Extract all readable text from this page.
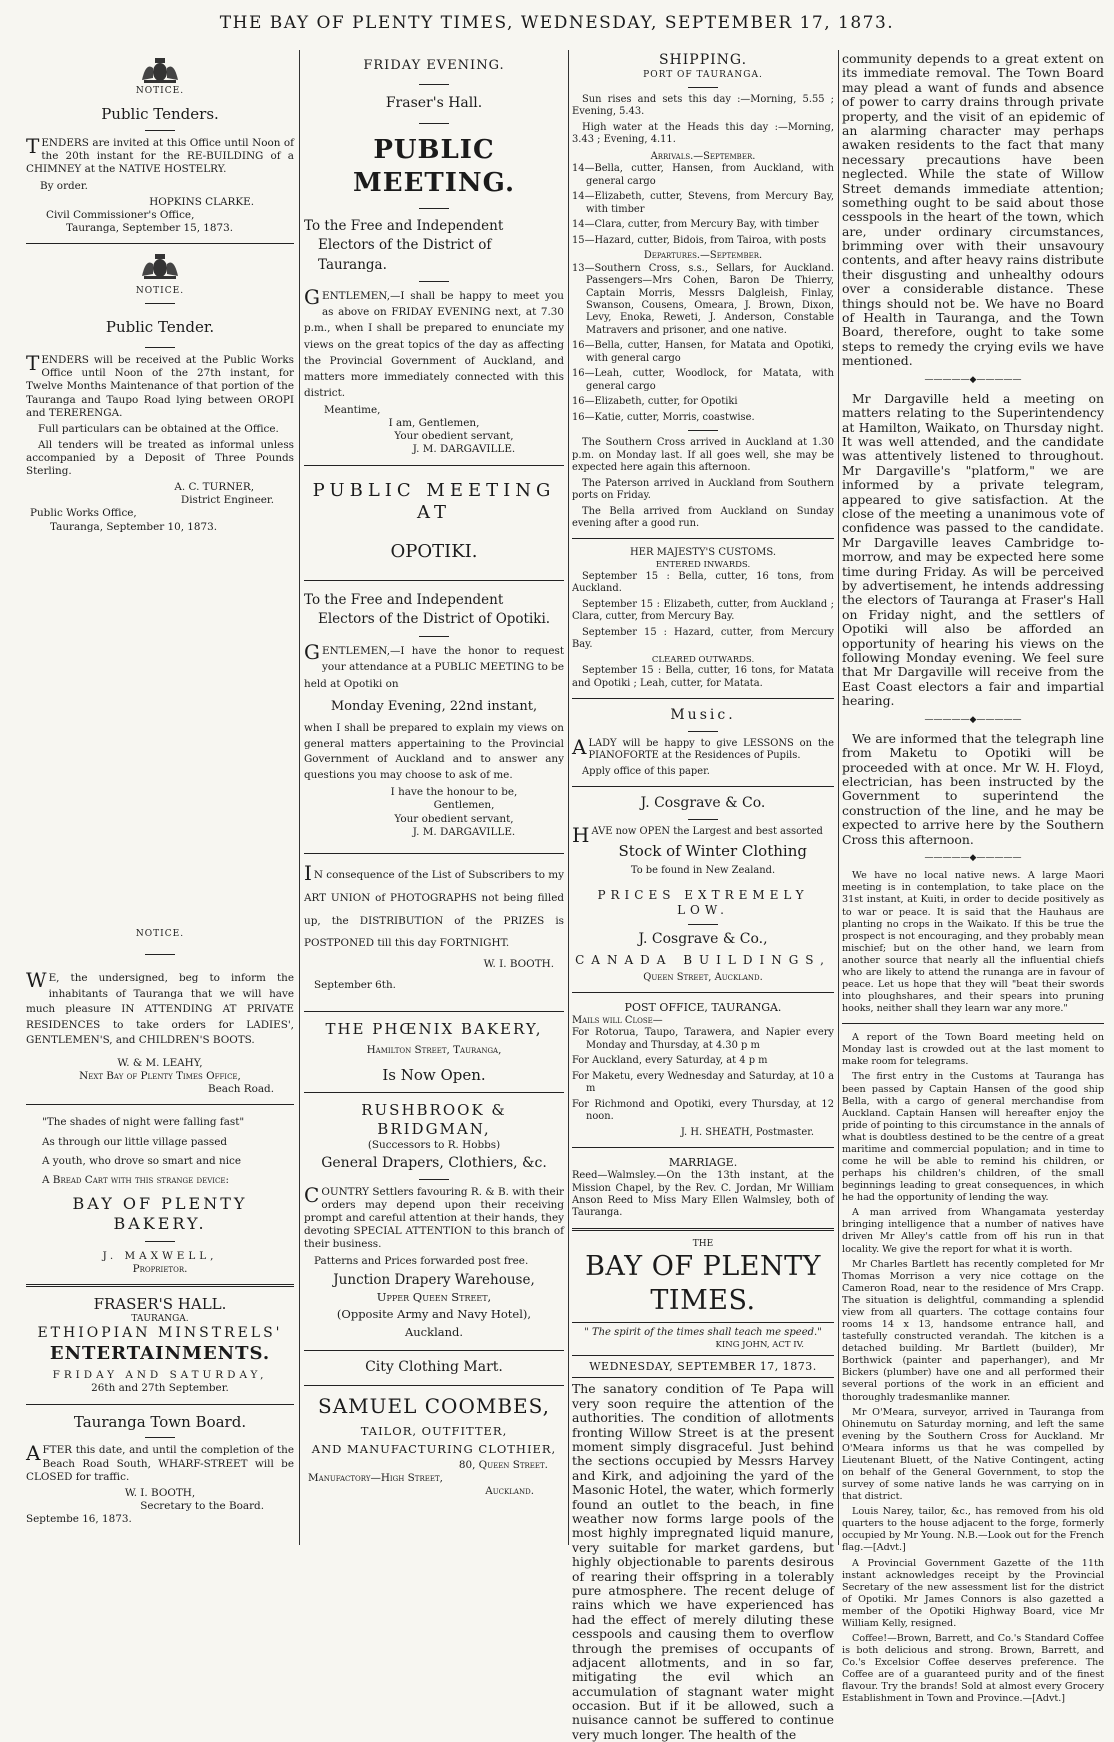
THE BAY OF PLENTY TIMES, WEDNESDAY, SEPTEMBER 17, 1873.
NOTICE.
Public Tenders.

TENDERS are invited at this Office until Noon of the 20th instant for the RE-BUILDING of a CHIMNEY at the NATIVE HOSTELRY.

By order.

HOPKINS CLARKE.
Civil Commissioner's Office,
Tauranga, September 15, 1873.
NOTICE.
Public Tender.

TENDERS will be received at the Public Works Office until Noon of the 27th instant, for Twelve Months Maintenance of that portion of the Tauranga and Taupo Road lying between OROPI and TERERENGA.

Full particulars can be obtained at the Office.

All tenders will be treated as informal unless accompanied by a Deposit of Three Pounds Sterling.

A. C. TURNER,
District Engineer.
Public Works Office,
Tauranga, September 10, 1873.
NOTICE.

WE, the undersigned, beg to inform the inhabitants of Tauranga that we will have much pleasure IN ATTENDING AT PRIVATE RESIDENCES to take orders for LADIES', GENTLEMEN'S, and CHILDREN'S BOOTS.

W. & M. LEAHY,
Next Bay of Plenty Times Office,
Beach Road.
"The shades of night were falling fast"
As through our little village passed
A youth, who drove so smart and nice
A Bread Cart with this strange device:
BAY OF PLENTY BAKERY.
J. MAXWELL,
Proprietor.
FRASER'S HALL.
TAURANGA.
ETHIOPIAN MINSTRELS'
ENTERTAINMENTS.
FRIDAY AND SATURDAY,
26th and 27th September.
Tauranga Town Board.

AFTER this date, and until the completion of the Beach Road South, WHARF-STREET will be CLOSED for traffic.

W. I. BOOTH,
Secretary to the Board.
Septembe 16, 1873.
FRIDAY EVENING.
Fraser's Hall.
PUBLIC MEETING.

To the Free and Independent Electors of the District of Tauranga.

GENTLEMEN,—I shall be happy to meet you as above on FRIDAY EVENING next, at 7.30 p.m., when I shall be prepared to enunciate my views on the great topics of the day as affecting the Provincial Government of Auckland, and matters more immediately connected with this district.

Meantime,
I am, Gentlemen,
Your obedient servant,
J. M. DARGAVILLE.
PUBLIC MEETING AT
OPOTIKI.

To the Free and Independent Electors of the District of Opotiki.

GENTLEMEN,—I have the honor to request your attendance at a PUBLIC MEETING to be held at Opotiki on

Monday Evening, 22nd instant,

when I shall be prepared to explain my views on general matters appertaining to the Provincial Government of Auckland and to answer any questions you may choose to ask of me.

I have the honour to be,
Gentlemen,
Your obedient servant,
J. M. DARGAVILLE.

IN consequence of the List of Subscribers to my ART UNION of PHOTOGRAPHS not being filled up, the DISTRIBUTION of the PRIZES is POSTPONED till this day FORTNIGHT.

W. I. BOOTH.
September 6th.
THE PHŒNIX BAKERY,
Hamilton Street, Tauranga,
Is Now Open.
RUSHBROOK & BRIDGMAN,
(Successors to R. Hobbs)
General Drapers, Clothiers, &c.

COUNTRY Settlers favouring R. & B. with their orders may depend upon their receiving prompt and careful attention at their hands, they devoting SPECIAL ATTENTION to this branch of their business.

Patterns and Prices forwarded post free.

Junction Drapery Warehouse,
Upper Queen Street,
(Opposite Army and Navy Hotel),
Auckland.
City Clothing Mart.
SAMUEL COOMBES,
TAILOR, OUTFITTER,
AND MANUFACTURING CLOTHIER,
80, Queen Street.
Manufactory—High Street,
Auckland.
SHIPPING.
PORT OF TAURANGA.

Sun rises and sets this day :—Morning, 5.55 ; Evening, 5.43.

High water at the Heads this day :—Morning, 3.43 ; Evening, 4.11.

Arrivals.—September.

14—Bella, cutter, Hansen, from Auckland, with general cargo

14—Elizabeth, cutter, Stevens, from Mercury Bay, with timber

14—Clara, cutter, from Mercury Bay, with timber

15—Hazard, cutter, Bidois, from Tairoa, with posts

Departures.—September.

13—Southern Cross, s.s., Sellars, for Auckland. Passengers—Mrs Cohen, Baron De Thierry, Captain Morris, Messrs Dalgleish, Finlay, Swanson, Cousens, Omeara, J. Brown, Dixon, Levy, Enoka, Reweti, J. Anderson, Constable Matravers and prisoner, and one native.

16—Bella, cutter, Hansen, for Matata and Opotiki, with general cargo

16—Leah, cutter, Woodlock, for Matata, with general cargo

16—Elizabeth, cutter, for Opotiki

16—Katie, cutter, Morris, coastwise.

The Southern Cross arrived in Auckland at 1.30 p.m. on Monday last. If all goes well, she may be expected here again this afternoon.

The Paterson arrived in Auckland from Southern ports on Friday.

The Bella arrived from Auckland on Sunday evening after a good run.

HER MAJESTY'S CUSTOMS.
ENTERED INWARDS.

September 15 : Bella, cutter, 16 tons, from Auckland.

September 15 : Elizabeth, cutter, from Auckland ; Clara, cutter, from Mercury Bay.

September 15 : Hazard, cutter, from Mercury Bay.

CLEARED OUTWARDS.

September 15 : Bella, cutter, 16 tons, for Matata and Opotiki ; Leah, cutter, for Matata.

Music.

ALADY will be happy to give LESSONS on the PIANOFORTE at the Residences of Pupils.

Apply office of this paper.

J. Cosgrave & Co.

HAVE now OPEN the Largest and best assorted

Stock of Winter Clothing
To be found in New Zealand.
PRICES EXTREMELY LOW.
J. Cosgrave & Co.,
CANADA BUILDINGS,
Queen Street, Auckland.
POST OFFICE, TAURANGA.
Mails will Close—

For Rotorua, Taupo, Tarawera, and Napier every Monday and Thursday, at 4.30 p m

For Auckland, every Saturday, at 4 p m

For Maketu, every Wednesday and Saturday, at 10 a m

For Richmond and Opotiki, every Thursday, at 12 noon.

J. H. SHEATH, Postmaster.
MARRIAGE.

Reed—Walmsley.—On the 13th instant, at the Mission Chapel, by the Rev. C. Jordan, Mr William Anson Reed to Miss Mary Ellen Walmsley, both of Tauranga.

THE
BAY OF PLENTY TIMES.
" The spirit of the times shall teach me speed."
KING JOHN, ACT IV.
WEDNESDAY, SEPTEMBER 17, 1873.

The sanatory condition of Te Papa will very soon require the attention of the authorities. The condition of allotments fronting Willow Street is at the present moment simply disgraceful. Just behind the sections occupied by Messrs Harvey and Kirk, and adjoining the yard of the Masonic Hotel, the water, which formerly found an outlet to the beach, in fine weather now forms large pools of the most highly impregnated liquid manure, very suitable for market gardens, but highly objectionable to parents desirous of rearing their offspring in a tolerably pure atmosphere. The recent deluge of rains which we have experienced has had the effect of merely diluting these cesspools and causing them to overflow through the premises of occupants of adjacent allotments, and in so far, mitigating the evil which an accumulation of stagnant water might occasion. But if it be allowed, such a nuisance cannot be suffered to continue very much longer. The health of the

community depends to a great extent on its immediate removal. The Town Board may plead a want of funds and absence of power to carry drains through private property, and the visit of an epidemic of an alarming character may perhaps awaken residents to the fact that many necessary precautions have been neglected. While the state of Willow Street demands immediate attention; something ought to be said about those cesspools in the heart of the town, which are, under ordinary circumstances, brimming over with their unsavoury contents, and after heavy rains distribute their disgusting and unhealthy odours over a considerable distance. These things should not be. We have no Board of Health in Tauranga, and the Town Board, therefore, ought to take some steps to remedy the crying evils we have mentioned.

—————◆—————

Mr Dargaville held a meeting on matters relating to the Superintendency at Hamilton, Waikato, on Thursday night. It was well attended, and the candidate was attentively listened to throughout. Mr Dargaville's "platform," we are informed by a private telegram, appeared to give satisfaction. At the close of the meeting a unanimous vote of confidence was passed to the candidate. Mr Dargaville leaves Cambridge to-morrow, and may be expected here some time during Friday. As will be perceived by advertisement, he intends addressing the electors of Tauranga at Fraser's Hall on Friday night, and the settlers of Opotiki will also be afforded an opportunity of hearing his views on the following Monday evening. We feel sure that Mr Dargaville will receive from the East Coast electors a fair and impartial hearing.

—————◆—————

We are informed that the telegraph line from Maketu to Opotiki will be proceeded with at once. Mr W. H. Floyd, electrician, has been instructed by the Government to superintend the construction of the line, and he may be expected to arrive here by the Southern Cross this afternoon.

—————◆—————

We have no local native news. A large Maori meeting is in contemplation, to take place on the 31st instant, at Kuiti, in order to decide positively as to war or peace. It is said that the Hauhaus are planting no crops in the Waikato. If this be true the prospect is not encouraging, and they probably mean mischief; but on the other hand, we learn from another source that nearly all the influential chiefs who are likely to attend the runanga are in favour of peace. Let us hope that they will "beat their swords into ploughshares, and their spears into pruning hooks, neither shall they learn war any more."

A report of the Town Board meeting held on Monday last is crowded out at the last moment to make room for telegrams.

The first entry in the Customs at Tauranga has been passed by Captain Hansen of the good ship Bella, with a cargo of general merchandise from Auckland. Captain Hansen will hereafter enjoy the pride of pointing to this circumstance in the annals of what is doubtless destined to be the centre of a great maritime and commercial population; and in time to come he will be able to remind his children, or perhaps his children's children, of the small beginnings leading to great consequences, in which he had the opportunity of lending the way.

A man arrived from Whangamata yesterday bringing intelligence that a number of natives have driven Mr Alley's cattle from off his run in that locality. We give the report for what it is worth.

Mr Charles Bartlett has recently completed for Mr Thomas Morrison a very nice cottage on the Cameron Road, near to the residence of Mrs Crapp. The situation is delightful, commanding a splendid view from all quarters. The cottage contains four rooms 14 x 13, handsome entrance hall, and tastefully constructed verandah. The kitchen is a detached building. Mr Bartlett (builder), Mr Borthwick (painter and paperhanger), and Mr Bickers (plumber) have one and all performed their several portions of the work in an efficient and thoroughly tradesmanlike manner.

Mr O'Meara, surveyor, arrived in Tauranga from Ohinemutu on Saturday morning, and left the same evening by the Southern Cross for Auckland. Mr O'Meara informs us that he was compelled by Lieutenant Bluett, of the Native Contingent, acting on behalf of the General Government, to stop the survey of some native lands he was carrying on in that district.

Louis Narey, tailor, &c., has removed from his old quarters to the house adjacent to the forge, formerly occupied by Mr Young. N.B.—Look out for the French flag.—[Advt.]

A Provincial Government Gazette of the 11th instant acknowledges receipt by the Provincial Secretary of the new assessment list for the district of Opotiki. Mr James Connors is also gazetted a member of the Opotiki Highway Board, vice Mr William Kelly, resigned.

Coffee!—Brown, Barrett, and Co.'s Standard Coffee is both delicious and strong. Brown, Barrett, and Co.'s Excelsior Coffee deserves preference. The Coffee are of a guaranteed purity and of the finest flavour. Try the brands! Sold at almost every Grocery Establishment in Town and Province.—[Advt.]
